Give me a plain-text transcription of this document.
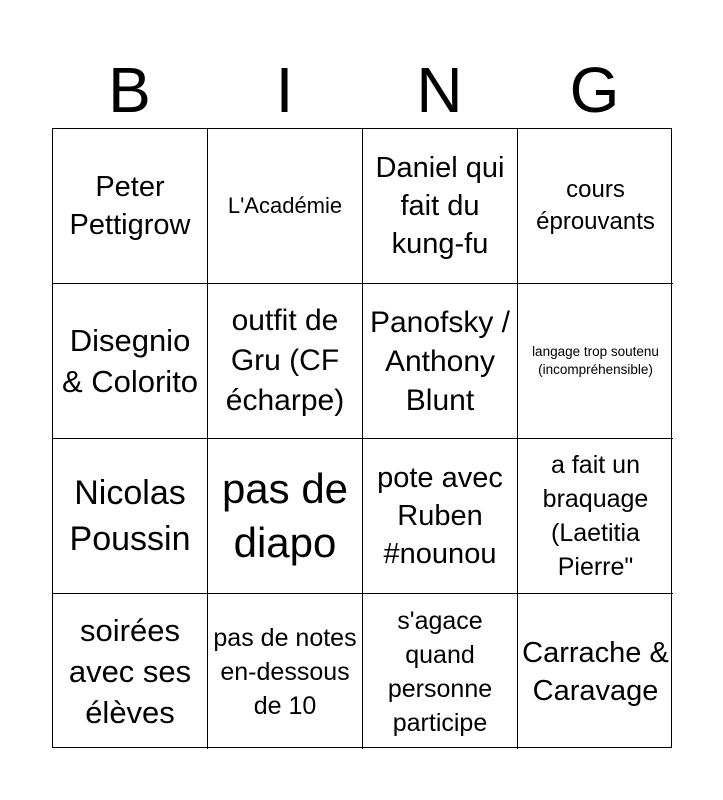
B	I	N	G
Peter Pettigrow
L'Académie
Daniel qui fait du kung-fu
cours éprouvants
Disegnio & Colorito
outfit de Gru (CF écharpe)
Panofsky / Anthony Blunt
langage trop soutenu (incompréhensible)
Nicolas Poussin
pas de diapo
pote avec Ruben #nounou
a fait un braquage (Laetitia Pierre"
soirées avec ses élèves
pas de notes en-dessous de 10
s'agace quand personne participe
Carrache & Caravage
